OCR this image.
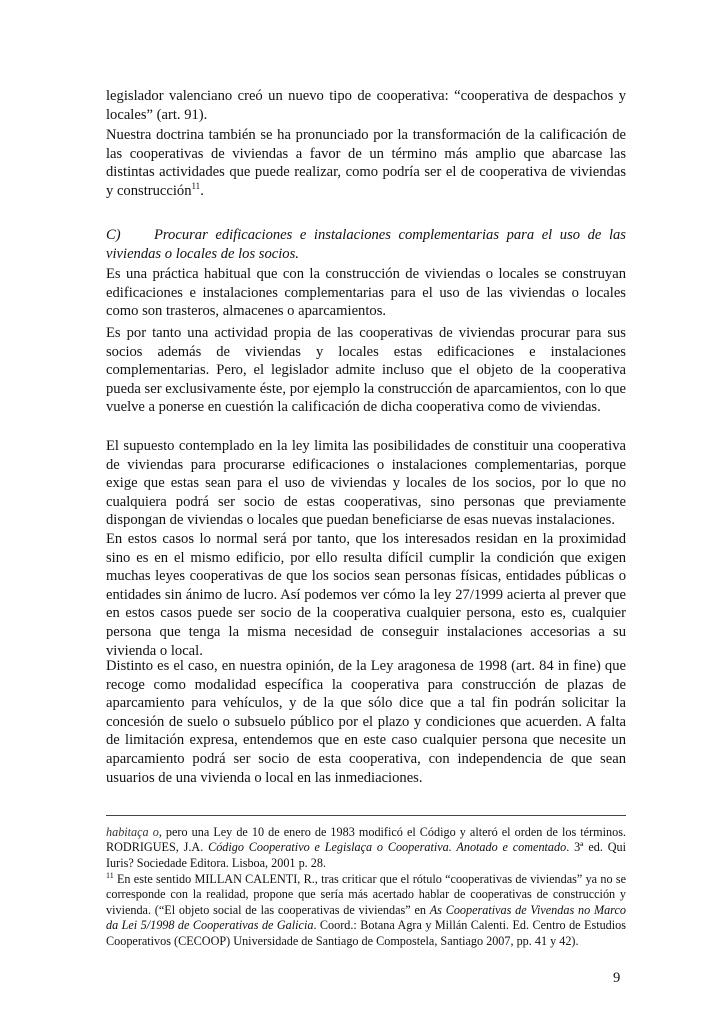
legislador valenciano creó un nuevo tipo de cooperativa: “cooperativa de despachos y locales” (art. 91).

Nuestra doctrina también se ha pronunciado por la transformación de la calificación de las cooperativas de viviendas a favor de un término más amplio que abarcase las distintas actividades que puede realizar, como podría ser el de cooperativa de viviendas y construcción$^{11}$.

C) Procurar edificaciones e instalaciones complementarias para el uso de las viviendas o locales de los socios.

Es una práctica habitual que con la construcción de viviendas o locales se construyan edificaciones e instalaciones complementarias para el uso de las viviendas o locales como son trasteros, almacenes o aparcamientos.

Es por tanto una actividad propia de las cooperativas de viviendas procurar para sus socios además de viviendas y locales estas edificaciones e instalaciones complementarias. Pero, el legislador admite incluso que el objeto de la cooperativa pueda ser exclusivamente éste, por ejemplo la construcción de aparcamientos, con lo que vuelve a ponerse en cuestión la calificación de dicha cooperativa como de viviendas.

El supuesto contemplado en la ley limita las posibilidades de constituir una cooperativa de viviendas para procurarse edificaciones o instalaciones complementarias, porque exige que estas sean para el uso de viviendas y locales de los socios, por lo que no cualquiera podrá ser socio de estas cooperativas, sino personas que previamente dispongan de viviendas o locales que puedan beneficiarse de esas nuevas instalaciones.

En estos casos lo normal será por tanto, que los interesados residan en la proximidad sino es en el mismo edificio, por ello resulta difícil cumplir la condición que exigen muchas leyes cooperativas de que los socios sean personas físicas, entidades públicas o entidades sin ánimo de lucro. Así podemos ver cómo la ley 27/1999 acierta al prever que en estos casos puede ser socio de la cooperativa cualquier persona, esto es, cualquier persona que tenga la misma necesidad de conseguir instalaciones accesorias a su vivienda o local.

Distinto es el caso, en nuestra opinión, de la Ley aragonesa de 1998 (art. 84 in fine) que recoge como modalidad específica la cooperativa para construcción de plazas de aparcamiento para vehículos, y de la que sólo dice que a tal fin podrán solicitar la concesión de suelo o subsuelo público por el plazo y condiciones que acuerden. A falta de limitación expresa, entendemos que en este caso cualquier persona que necesite un aparcamiento podrá ser socio de esta cooperativa, con independencia de que sean usuarios de una vivienda o local en las inmediaciones.

habitaça o, pero una Ley de 10 de enero de 1983 modificó el Código y alteró el orden de los términos. RODRIGUES, J.A. Código Cooperativo e Legislaça o Cooperativa. Anotado e comentado. 3ª ed. Qui Iuris? Sociedade Editora. Lisboa, 2001 p. 28.

$^{11}$ En este sentido MILLAN CALENTI, R., tras criticar que el rótulo “cooperativas de viviendas” ya no se corresponde con la realidad, propone que sería más acertado hablar de cooperativas de construcción y vivienda. (“El objeto social de las cooperativas de viviendas” en As Cooperativas de Vivendas no Marco da Lei 5/1998 de Cooperativas de Galicia. Coord.: Botana Agra y Millán Calenti. Ed. Centro de Estudios Cooperativos (CECOOP) Universidade de Santiago de Compostela, Santiago 2007, pp. 41 y 42).

9
